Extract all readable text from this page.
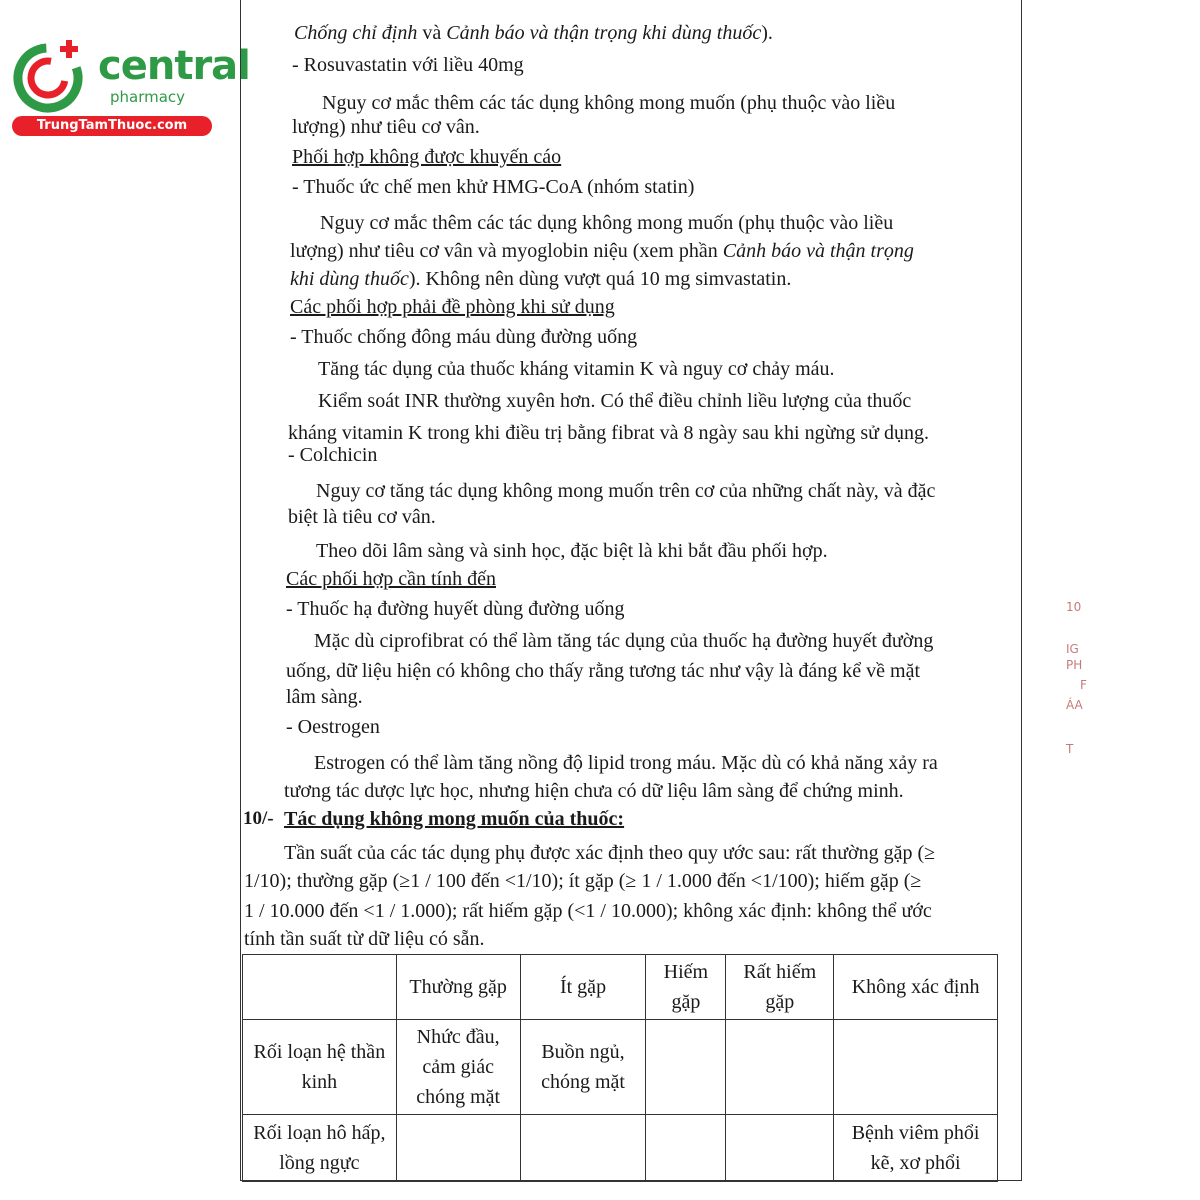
central
pharmacy
TrungTamThuoc.com
Chống chỉ định và Cảnh báo và thận trọng khi dùng thuốc).
- Rosuvastatin với liều 40mg
Nguy cơ mắc thêm các tác dụng không mong muốn (phụ thuộc vào liều
lượng) như tiêu cơ vân.
Phối hợp không được khuyến cáo
- Thuốc ức chế men khử HMG-CoA (nhóm statin)
Nguy cơ mắc thêm các tác dụng không mong muốn (phụ thuộc vào liều
lượng) như tiêu cơ vân và myoglobin niệu (xem phần Cảnh báo và thận trọng
khi dùng thuốc). Không nên dùng vượt quá 10 mg simvastatin.
Các phối hợp phải đề phòng khi sử dụng
- Thuốc chống đông máu dùng đường uống
Tăng tác dụng của thuốc kháng vitamin K và nguy cơ chảy máu.
Kiểm soát INR thường xuyên hơn. Có thể điều chỉnh liều lượng của thuốc
kháng vitamin K trong khi điều trị bằng fibrat và 8 ngày sau khi ngừng sử dụng.
- Colchicin
Nguy cơ tăng tác dụng không mong muốn trên cơ của những chất này, và đặc
biệt là tiêu cơ vân.
Theo dõi lâm sàng và sinh học, đặc biệt là khi bắt đầu phối hợp.
Các phối hợp cần tính đến
- Thuốc hạ đường huyết dùng đường uống
Mặc dù ciprofibrat có thể làm tăng tác dụng của thuốc hạ đường huyết đường
uống, dữ liệu hiện có không cho thấy rằng tương tác như vậy là đáng kể về mặt
lâm sàng.
- Oestrogen
Estrogen có thể làm tăng nồng độ lipid trong máu. Mặc dù có khả năng xảy ra
tương tác dược lực học, nhưng hiện chưa có dữ liệu lâm sàng để chứng minh.
10/- Tác dụng không mong muốn của thuốc:
Tần suất của các tác dụng phụ được xác định theo quy ước sau: rất thường gặp (≥
1/10); thường gặp (≥1 / 100 đến <1/10); ít gặp (≥ 1 / 1.000 đến <1/100); hiếm gặp (≥
1 / 10.000 đến <1 / 1.000); rất hiếm gặp (<1 / 10.000); không xác định: không thể ước
tính tần suất từ dữ liệu có sẵn.
	Thường gặp	Ít gặp	Hiếm gặp	Rất hiếm gặp	Không xác định
Rối loạn hệ thần kinh	Nhức đầu, cảm giác chóng mặt	Buồn ngủ, chóng mặt			
Rối loạn hô hấp, lồng ngực					Bệnh viêm phổi kẽ, xơ phổi
10
IG
PH
F
ÁA
T
